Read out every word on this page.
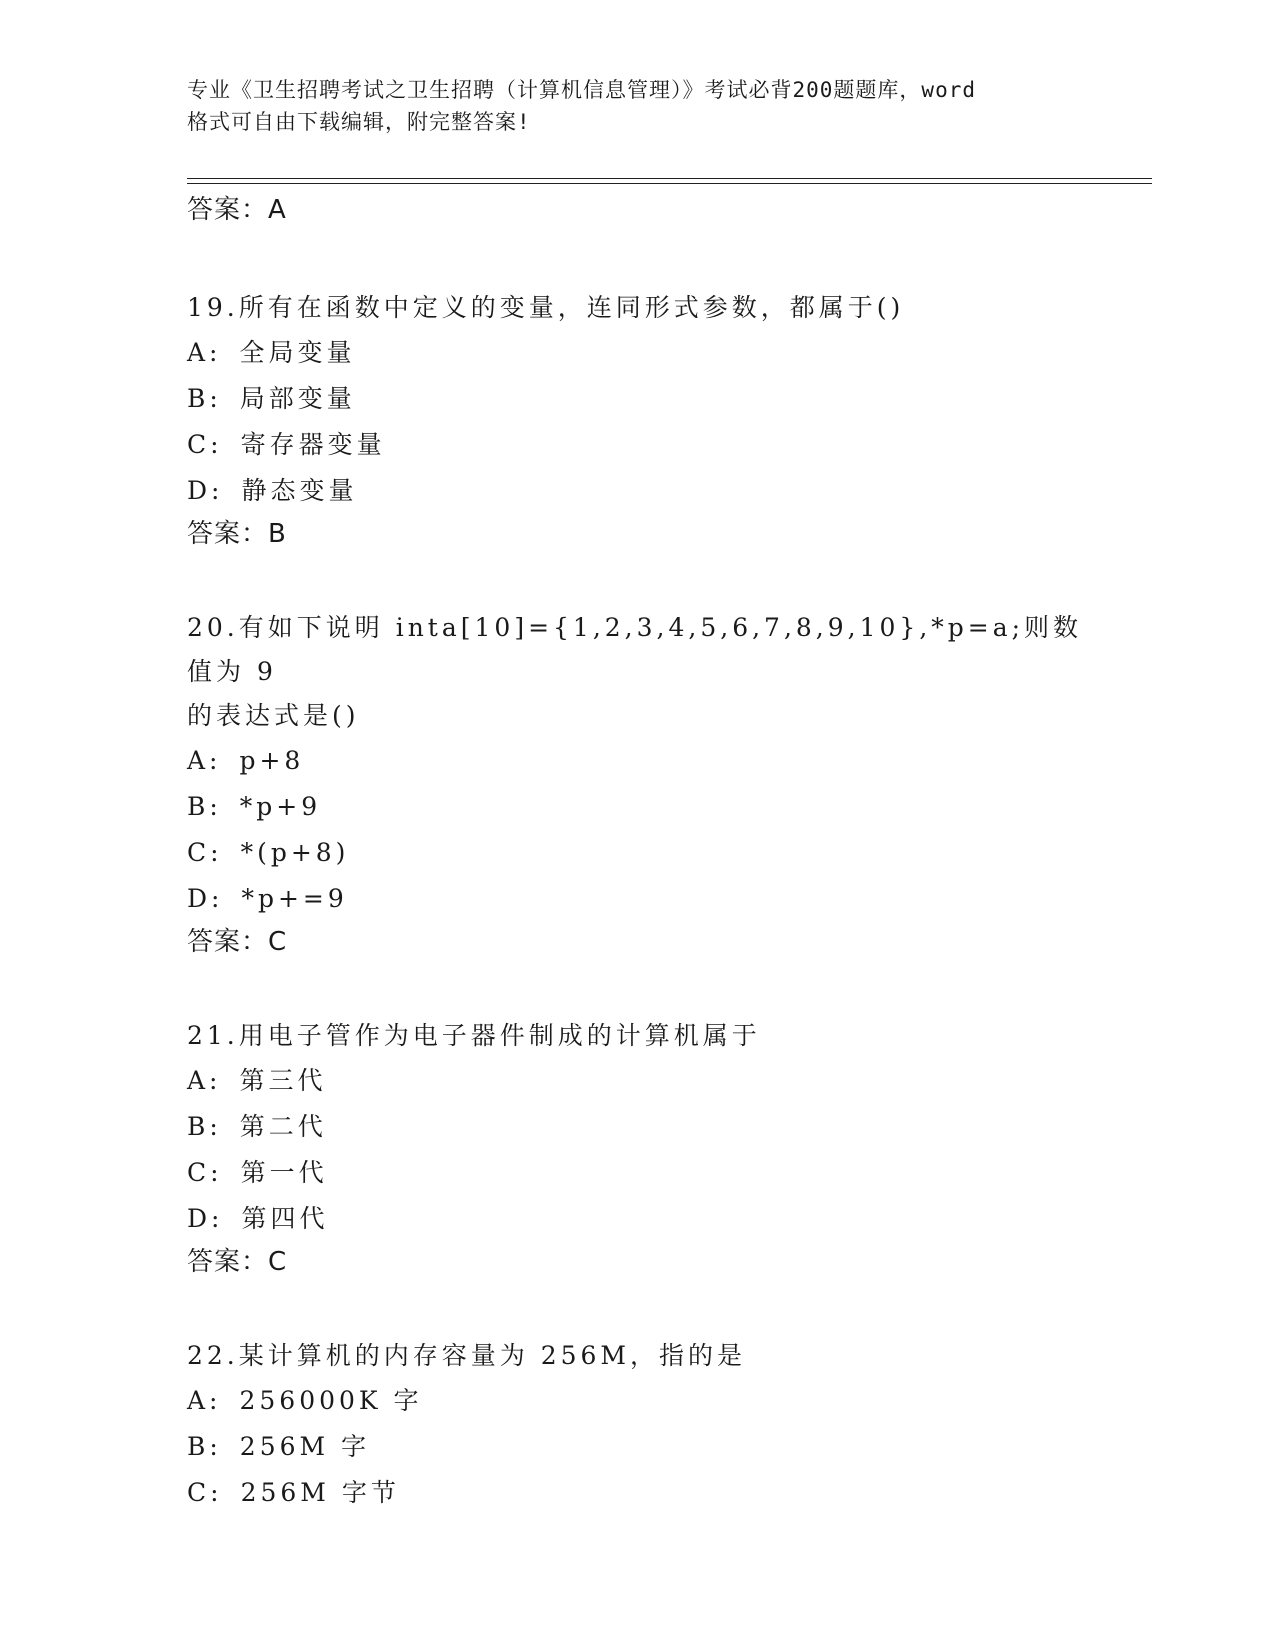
专业《卫生招聘考试之卫生招聘（计算机信息管理）》考试必背200题题库，word
格式可自由下载编辑，附完整答案!

答案：A

19.所有在函数中定义的变量，连同形式参数，都属于()

A: 全局变量

B: 局部变量

C: 寄存器变量

D: 静态变量

答案：B

20.有如下说明 inta[10]={1,2,3,4,5,6,7,8,9,10},*p=a;则数值为 9

的表达式是()

A: p+8

B: *p+9

C: *(p+8)

D: *p+=9

答案：C

21.用电子管作为电子器件制成的计算机属于

A: 第三代

B: 第二代

C: 第一代

D: 第四代

答案：C

22.某计算机的内存容量为 256M，指的是

A: 256000K 字

B: 256M 字

C: 256M 字节
